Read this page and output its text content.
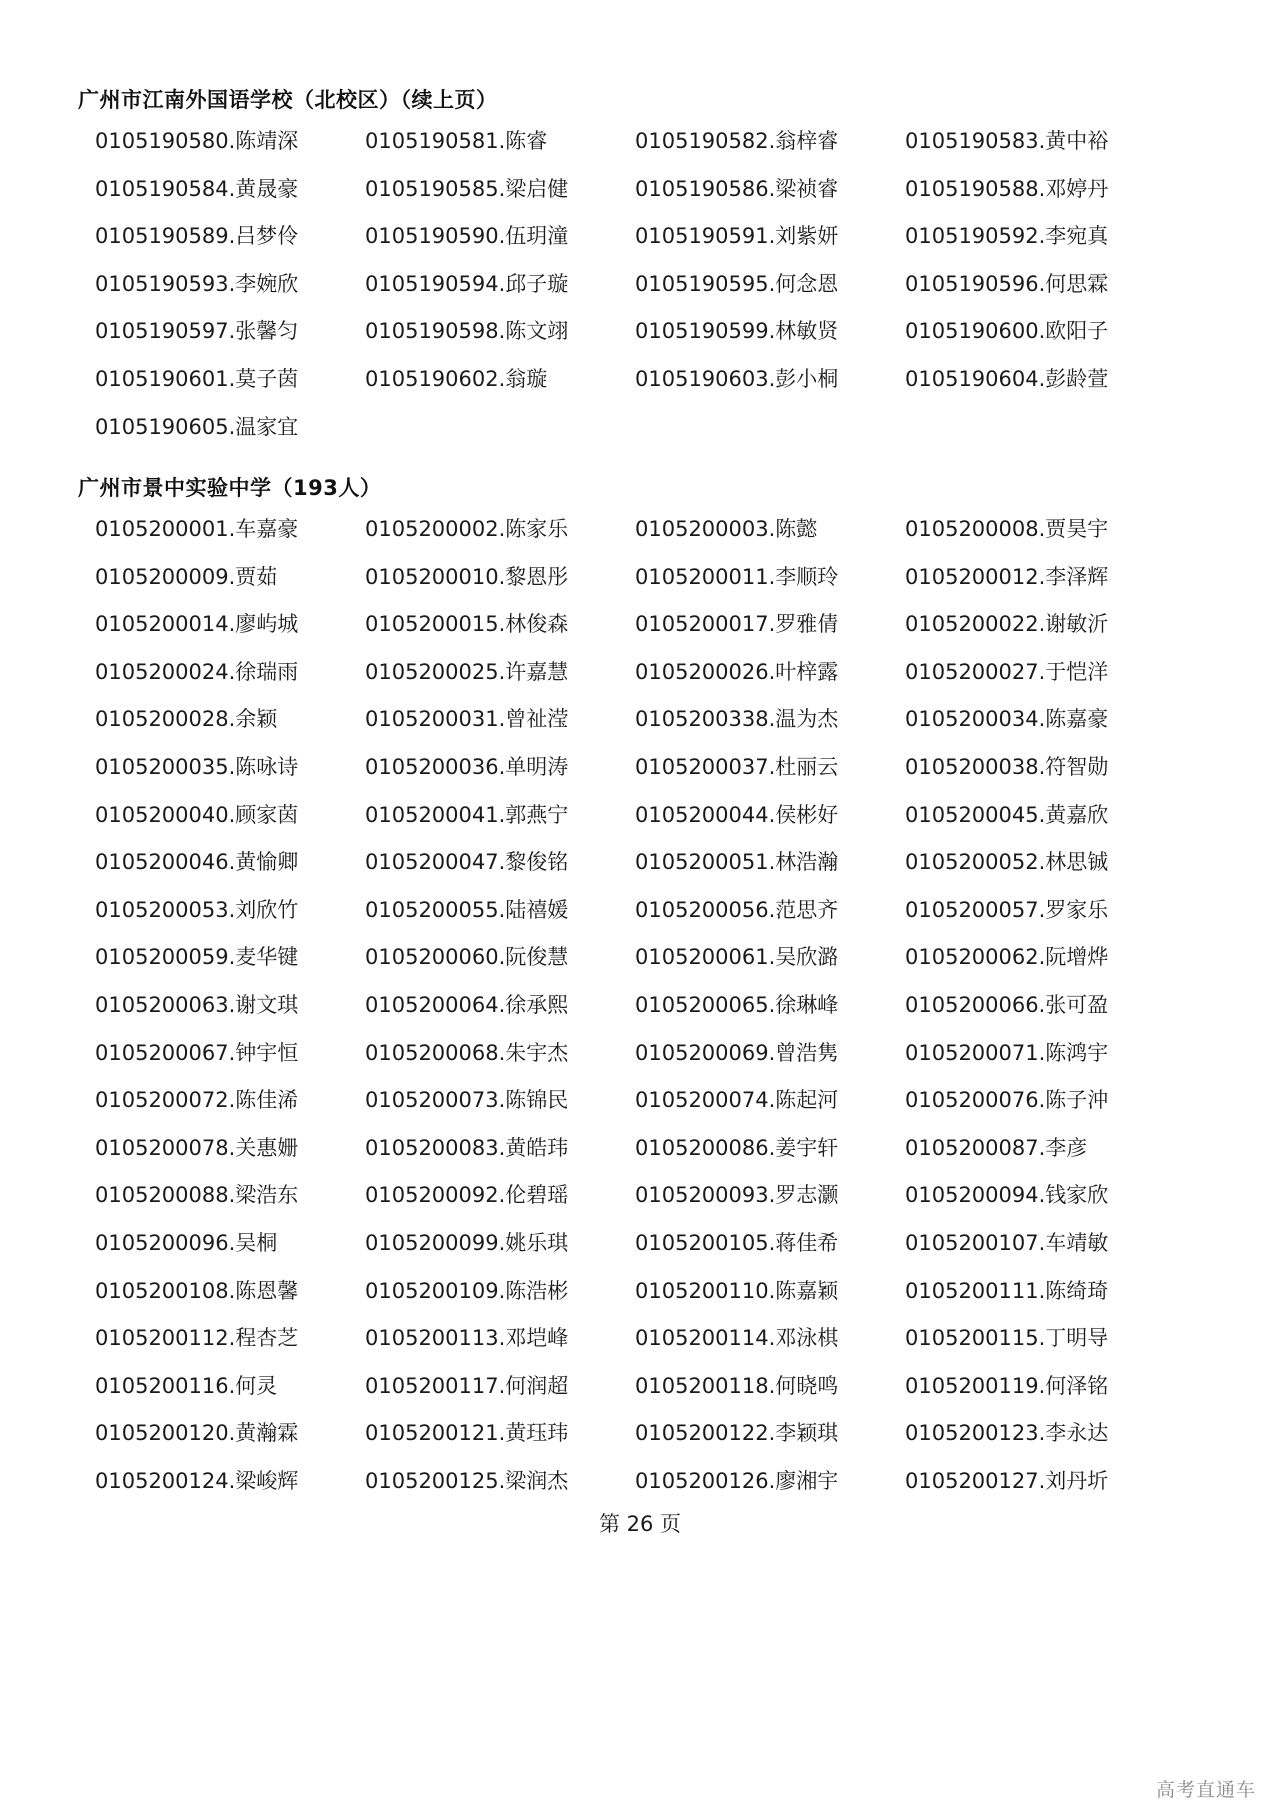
广州市江南外国语学校（北校区）（续上页）
0105190580.陈靖深	0105190581.陈睿	0105190582.翁梓睿	0105190583.黄中裕
0105190584.黄晟豪	0105190585.梁启健	0105190586.梁祯睿	0105190588.邓婷丹
0105190589.吕梦伶	0105190590.伍玥潼	0105190591.刘紫妍	0105190592.李宛真
0105190593.李婉欣	0105190594.邱子璇	0105190595.何念恩	0105190596.何思霖
0105190597.张馨匀	0105190598.陈文翊	0105190599.林敏贤	0105190600.欧阳子
0105190601.莫子茵	0105190602.翁璇	0105190603.彭小桐	0105190604.彭龄萱
0105190605.温家宜
广州市景中实验中学（193人）
0105200001.车嘉豪	0105200002.陈家乐	0105200003.陈懿	0105200008.贾昊宇
0105200009.贾茹	0105200010.黎恩彤	0105200011.李顺玲	0105200012.李泽辉
0105200014.廖屿城	0105200015.林俊森	0105200017.罗雅倩	0105200022.谢敏沂
0105200024.徐瑞雨	0105200025.许嘉慧	0105200026.叶梓露	0105200027.于恺洋
0105200028.余颖	0105200031.曾祉滢	0105200338.温为杰	0105200034.陈嘉豪
0105200035.陈咏诗	0105200036.单明涛	0105200037.杜丽云	0105200038.符智勋
0105200040.顾家茵	0105200041.郭燕宁	0105200044.侯彬好	0105200045.黄嘉欣
0105200046.黄愉卿	0105200047.黎俊铭	0105200051.林浩瀚	0105200052.林思铖
0105200053.刘欣竹	0105200055.陆禧媛	0105200056.范思齐	0105200057.罗家乐
0105200059.麦华键	0105200060.阮俊慧	0105200061.吴欣潞	0105200062.阮增烨
0105200063.谢文琪	0105200064.徐承熙	0105200065.徐琳峰	0105200066.张可盈
0105200067.钟宇恒	0105200068.朱宇杰	0105200069.曾浩隽	0105200071.陈鸿宇
0105200072.陈佳浠	0105200073.陈锦民	0105200074.陈起河	0105200076.陈子沖
0105200078.关惠姗	0105200083.黄皓玮	0105200086.姜宇轩	0105200087.李彦
0105200088.梁浩东	0105200092.伦碧瑶	0105200093.罗志灏	0105200094.钱家欣
0105200096.吴桐	0105200099.姚乐琪	0105200105.蒋佳希	0105200107.车靖敏
0105200108.陈恩馨	0105200109.陈浩彬	0105200110.陈嘉颖	0105200111.陈绮琦
0105200112.程杏芝	0105200113.邓垲峰	0105200114.邓泳棋	0105200115.丁明导
0105200116.何灵	0105200117.何润超	0105200118.何晓鸣	0105200119.何泽铭
0105200120.黄瀚霖	0105200121.黄珏玮	0105200122.李颖琪	0105200123.李永达
0105200124.梁峻辉	0105200125.梁润杰	0105200126.廖湘宇	0105200127.刘丹圻
第 26 页
高考直通车
